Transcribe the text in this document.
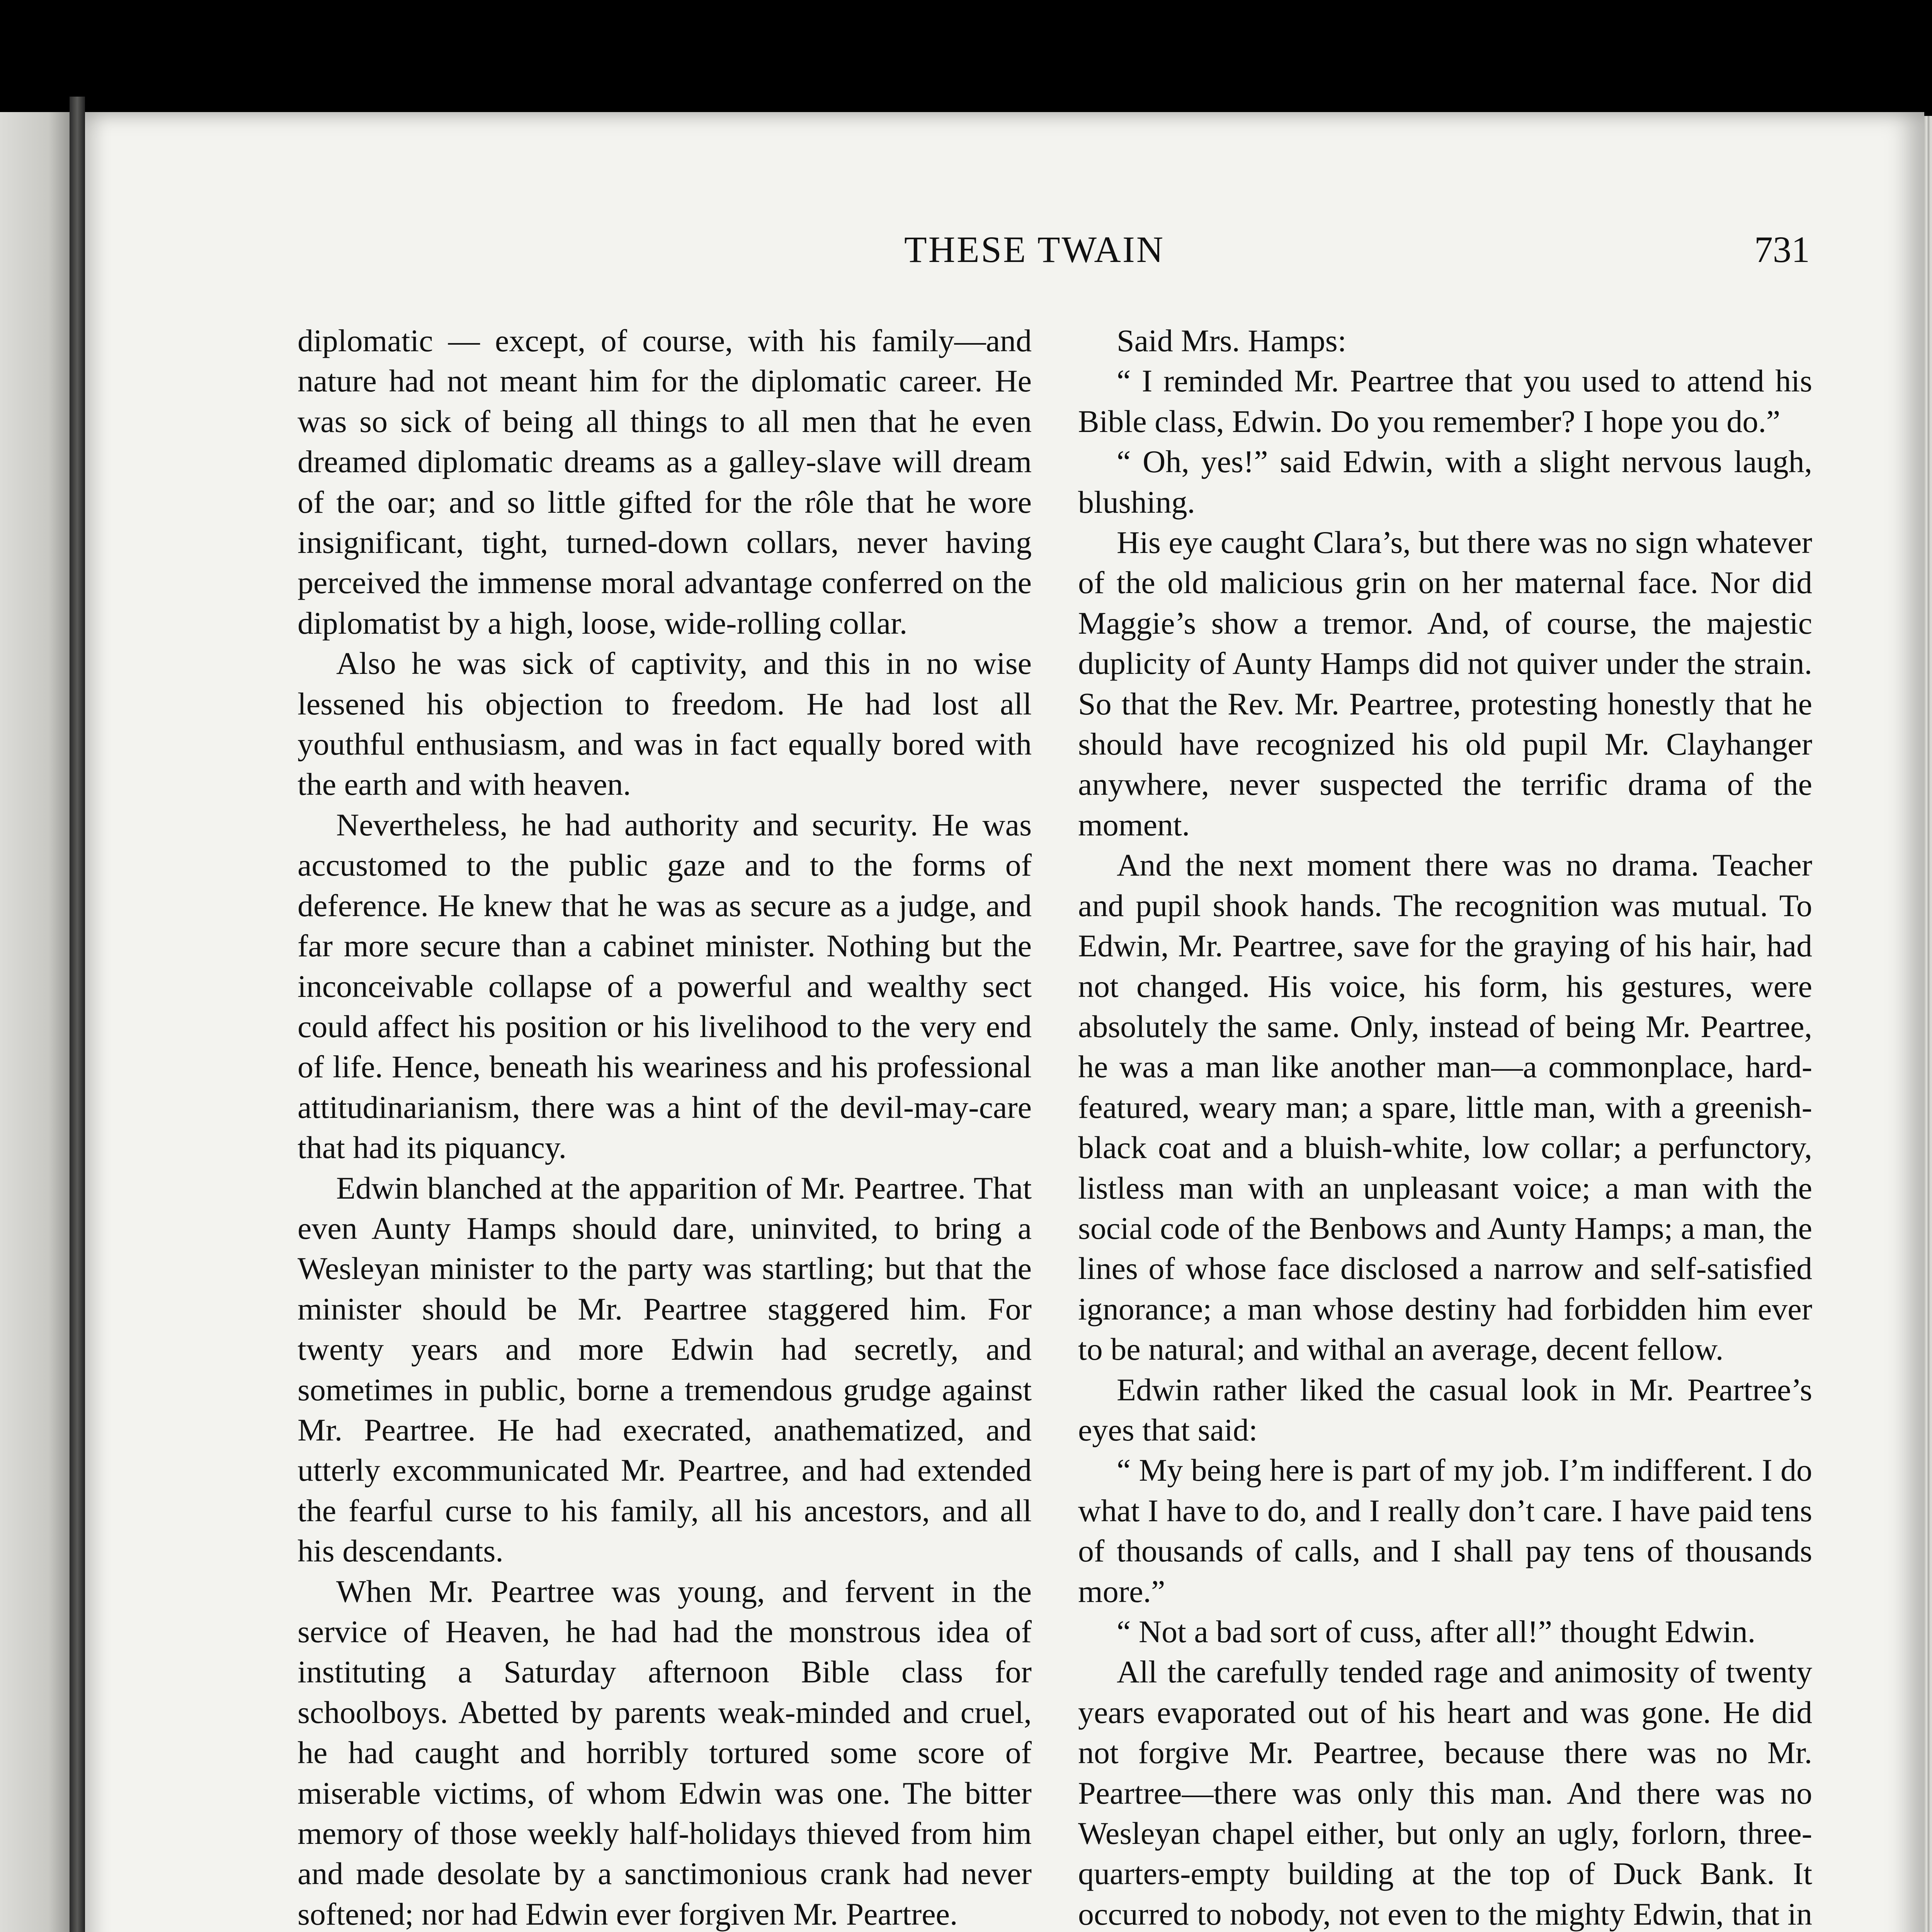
THESE TWAIN	731

diplomatic — except, of course, with his family—and nature had not meant him for the diplomatic career. He was so sick of being all things to all men that he even dreamed diplomatic dreams as a galley-slave will dream of the oar; and so little gifted for the rôle that he wore insignificant, tight, turned-down collars, never having perceived the immense moral advantage conferred on the diplomatist by a high, loose, wide-rolling collar.

Also he was sick of captivity, and this in no wise lessened his objection to freedom. He had lost all youthful enthusiasm, and was in fact equally bored with the earth and with heaven.

Nevertheless, he had authority and security. He was accustomed to the public gaze and to the forms of deference. He knew that he was as secure as a judge, and far more secure than a cabinet minister. Nothing but the inconceivable collapse of a powerful and wealthy sect could affect his position or his livelihood to the very end of life. Hence, beneath his weariness and his professional attitudinarianism, there was a hint of the devil-may-care that had its piquancy.

Edwin blanched at the apparition of Mr. Peartree. That even Aunty Hamps should dare, uninvited, to bring a Wesleyan minister to the party was startling; but that the minister should be Mr. Peartree staggered him. For twenty years and more Edwin had secretly, and sometimes in public, borne a tremendous grudge against Mr. Peartree. He had execrated, anathematized, and utterly excommunicated Mr. Peartree, and had extended the fearful curse to his family, all his ancestors, and all his descendants.

When Mr. Peartree was young, and fervent in the service of Heaven, he had had the monstrous idea of instituting a Saturday afternoon Bible class for schoolboys. Abetted by parents weak-minded and cruel, he had caught and horribly tortured some score of miserable victims, of whom Edwin was one. The bitter memory of those weekly half-holidays thieved from him and made desolate by a sanctimonious crank had never softened; nor had Edwin ever forgiven Mr. Peartree.

Said Mrs. Hamps:

“ I reminded Mr. Peartree that you used to attend his Bible class, Edwin. Do you remember? I hope you do.”

“ Oh, yes!” said Edwin, with a slight nervous laugh, blushing.

His eye caught Clara’s, but there was no sign whatever of the old malicious grin on her maternal face. Nor did Maggie’s show a tremor. And, of course, the majestic duplicity of Aunty Hamps did not quiver under the strain. So that the Rev. Mr. Peartree, protesting honestly that he should have recognized his old pupil Mr. Clayhanger anywhere, never suspected the terrific drama of the moment.

And the next moment there was no drama. Teacher and pupil shook hands. The recognition was mutual. To Edwin, Mr. Peartree, save for the graying of his hair, had not changed. His voice, his form, his gestures, were absolutely the same. Only, instead of being Mr. Peartree, he was a man like another man—a commonplace, hard-featured, weary man; a spare, little man, with a greenish-black coat and a bluish-white, low collar; a perfunctory, listless man with an unpleasant voice; a man with the social code of the Benbows and Aunty Hamps; a man, the lines of whose face disclosed a narrow and self-satisfied ignorance; a man whose destiny had forbidden him ever to be natural; and withal an average, decent fellow.

Edwin rather liked the casual look in Mr. Peartree’s eyes that said:

“ My being here is part of my job. I’m indifferent. I do what I have to do, and I really don’t care. I have paid tens of thousands of calls, and I shall pay tens of thousands more.”

“ Not a bad sort of cuss, after all!” thought Edwin.

All the carefully tended rage and animosity of twenty years evaporated out of his heart and was gone. He did not forgive Mr. Peartree, because there was no Mr. Peartree—there was only this man. And there was no Wesleyan chapel either, but only an ugly, forlorn, three-quarters-empty building at the top of Duck Bank. It occurred to nobody, not even to the mighty Edwin, that in
